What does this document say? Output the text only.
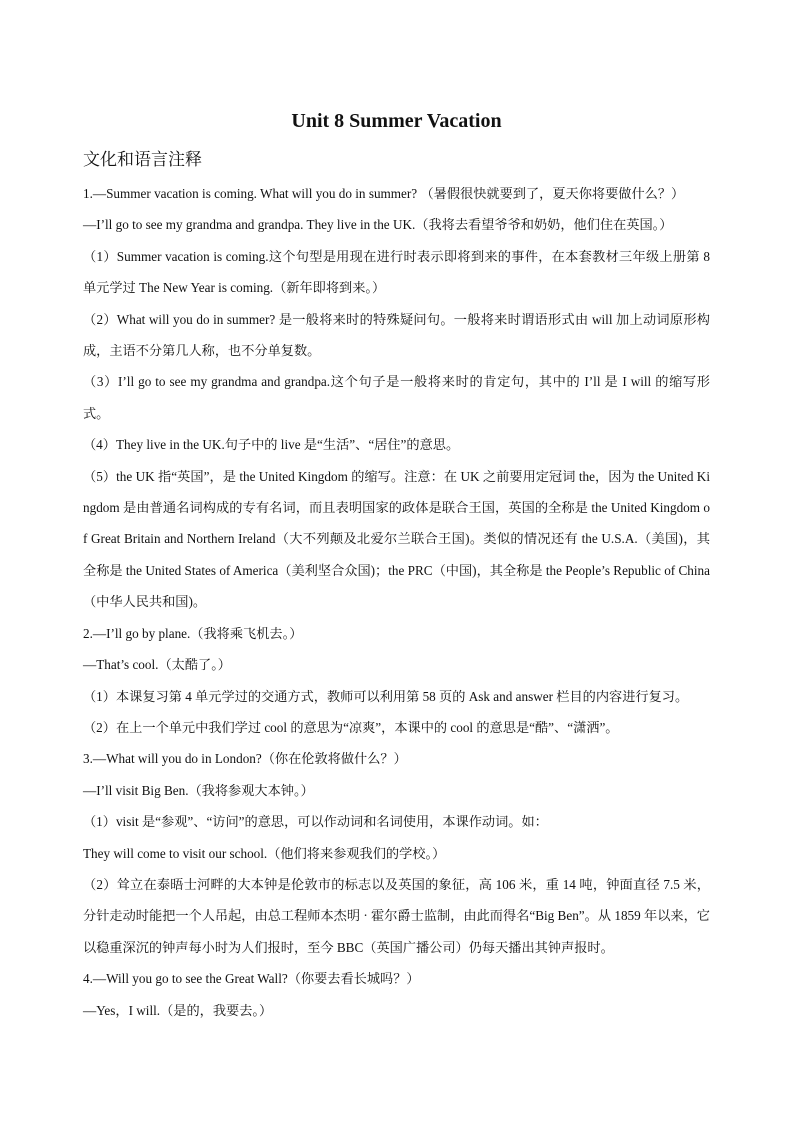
Unit 8 Summer Vacation
文化和语言注释

1.—Summer vacation is coming. What will you do in summer? （暑假很快就要到了，夏天你将要做什么？）

—I’ll go to see my grandma and grandpa. They live in the UK.（我将去看望爷爷和奶奶，他们住在英国。）

（1）Summer vacation is coming.这个句型是用现在进行时表示即将到来的事件，在本套教材三年级上册第 8 单元学过 The New Year is coming.（新年即将到来。）

（2）What will you do in summer? 是一般将来时的特殊疑问句。一般将来时谓语形式由 will 加上动词原形构成，主语不分第几人称，也不分单复数。

（3）I’ll go to see my grandma and grandpa.这个句子是一般将来时的肯定句，其中的 I’ll 是 I will 的缩写形式。

（4）They live in the UK.句子中的 live 是“生活”、“居住”的意思。

（5）the UK 指“英国”，是 the United Kingdom 的缩写。注意：在 UK 之前要用定冠词 the，因为 the United Kingdom 是由普通名词构成的专有名词，而且表明国家的政体是联合王国，英国的全称是 the United Kingdom of Great Britain and Northern Ireland（大不列颠及北爱尔兰联合王国)。类似的情况还有 the U.S.A.（美国)，其全称是 the United States of America（美利坚合众国)；the PRC（中国)，其全称是 the People’s Republic of China（中华人民共和国)。

2.—I’ll go by plane.（我将乘飞机去。）

—That’s cool.（太酷了。）

（1）本课复习第 4 单元学过的交通方式，教师可以利用第 58 页的 Ask and answer 栏目的内容进行复习。

（2）在上一个单元中我们学过 cool 的意思为“凉爽”，本课中的 cool 的意思是“酷”、“潇洒”。

3.—What will you do in London?（你在伦敦将做什么？）

—I’ll visit Big Ben.（我将参观大本钟。）

（1）visit 是“参观”、“访问”的意思，可以作动词和名词使用，本课作动词。如：

They will come to visit our school.（他们将来参观我们的学校。）

（2）耸立在泰晤士河畔的大本钟是伦敦市的标志以及英国的象征，高 106 米，重 14 吨，钟面直径 7.5 米，分针走动时能把一个人吊起，由总工程师本杰明 · 霍尔爵士监制，由此而得名“Big Ben”。从 1859 年以来，它以稳重深沉的钟声每小时为人们报时，至今 BBC（英国广播公司）仍每天播出其钟声报时。

4.—Will you go to see the Great Wall?（你要去看长城吗？）

—Yes，I will.（是的，我要去。）
